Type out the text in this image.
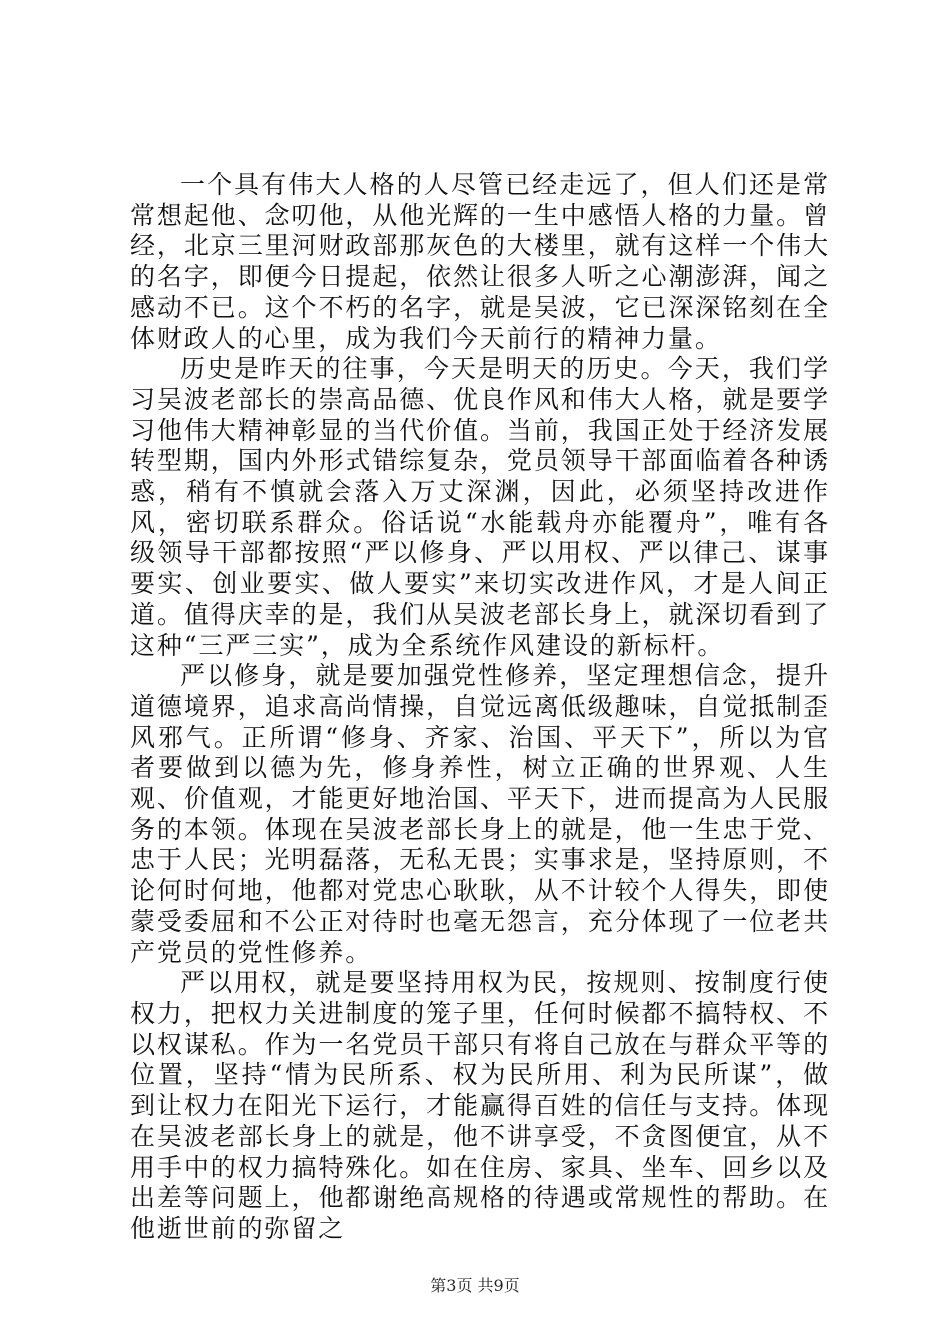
一个具有伟大人格的人尽管已经走远了，但人们还是常常想起他、念叨他，从他光辉的一生中感悟人格的力量。曾经，北京三里河财政部那灰色的大楼里，就有这样一个伟大的名字，即便今日提起，依然让很多人听之心潮澎湃，闻之感动不已。这个不朽的名字，就是吴波，它已深深铭刻在全体财政人的心里，成为我们今天前行的精神力量。

历史是昨天的往事，今天是明天的历史。今天，我们学习吴波老部长的崇高品德、优良作风和伟大人格，就是要学习他伟大精神彰显的当代价值。当前，我国正处于经济发展转型期，国内外形式错综复杂，党员领导干部面临着各种诱惑，稍有不慎就会落入万丈深渊，因此，必须坚持改进作风，密切联系群众。俗话说“水能载舟亦能覆舟”，唯有各级领导干部都按照“严以修身、严以用权、严以律己、谋事要实、创业要实、做人要实”来切实改进作风，才是人间正道。值得庆幸的是，我们从吴波老部长身上，就深切看到了这种“三严三实”，成为全系统作风建设的新标杆。

严以修身，就是要加强党性修养，坚定理想信念，提升道德境界，追求高尚情操，自觉远离低级趣味，自觉抵制歪风邪气。正所谓“修身、齐家、治国、平天下”，所以为官者要做到以德为先，修身养性，树立正确的世界观、人生观、价值观，才能更好地治国、平天下，进而提高为人民服务的本领。体现在吴波老部长身上的就是，他一生忠于党、忠于人民；光明磊落，无私无畏；实事求是，坚持原则，不论何时何地，他都对党忠心耿耿，从不计较个人得失，即使蒙受委屈和不公正对待时也毫无怨言，充分体现了一位老共产党员的党性修养。

严以用权，就是要坚持用权为民，按规则、按制度行使权力，把权力关进制度的笼子里，任何时候都不搞特权、不以权谋私。作为一名党员干部只有将自己放在与群众平等的位置，坚持“情为民所系、权为民所用、利为民所谋”，做到让权力在阳光下运行，才能赢得百姓的信任与支持。体现在吴波老部长身上的就是，他不讲享受，不贪图便宜，从不用手中的权力搞特殊化。如在住房、家具、坐车、回乡以及出差等问题上，他都谢绝高规格的待遇或常规性的帮助。在他逝世前的弥留之

第3页 共9页
